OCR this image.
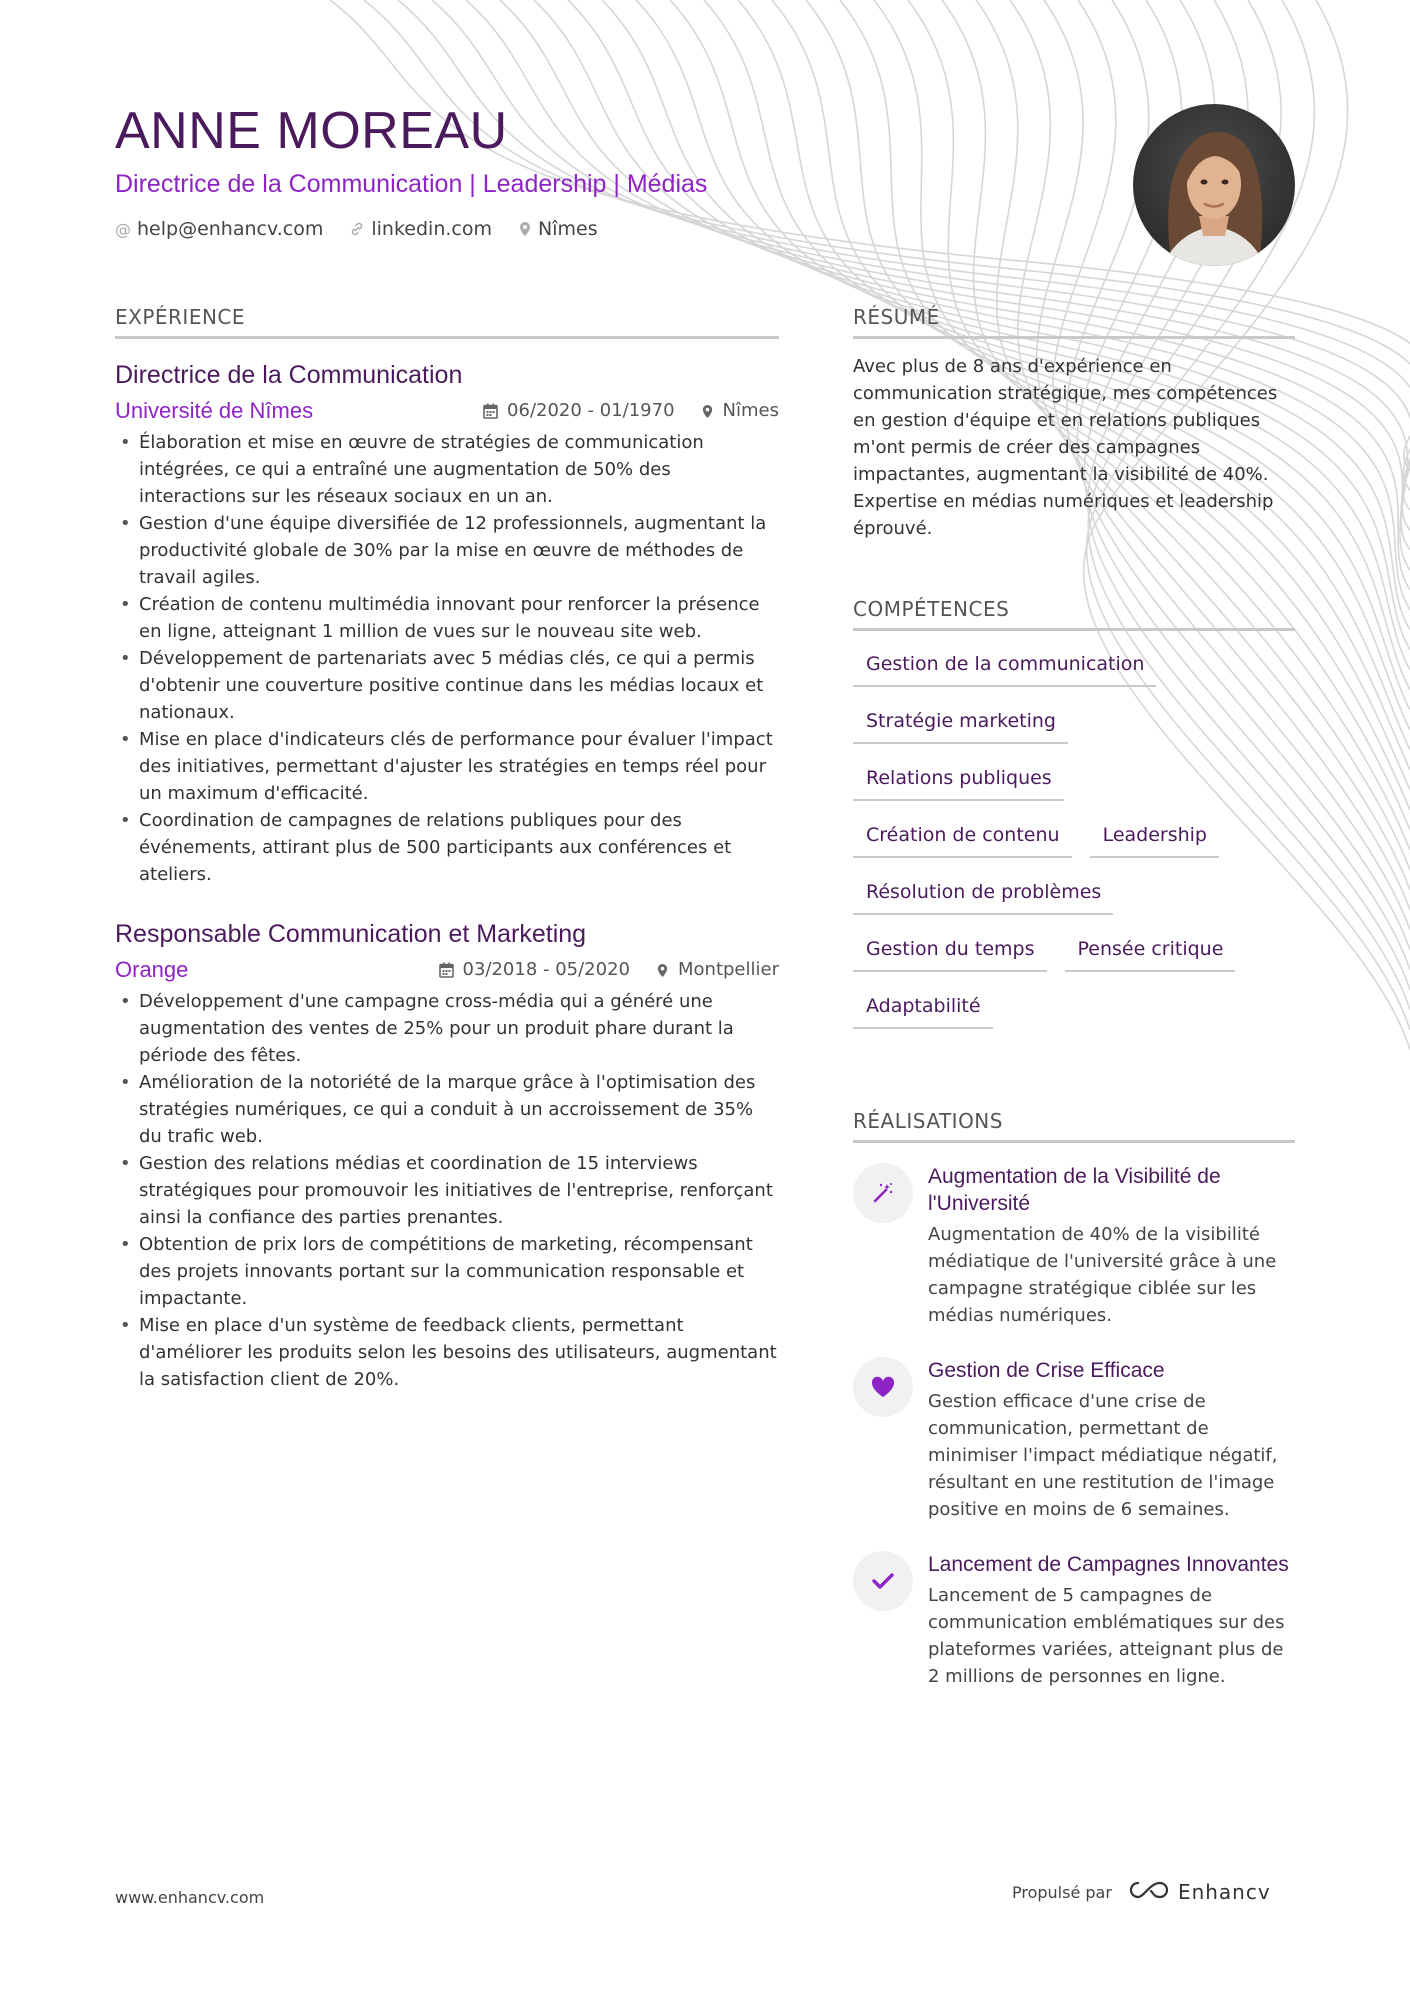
ANNE MOREAU
Directrice de la Communication | Leadership | Médias
@ help@enhancv.com	linkedin.com Nîmes
EXPÉRIENCE
Directrice de la Communication
Université de Nîmes	06/2020 - 01/1970	Nîmes
• Élaboration et mise en œuvre de stratégies de communication intégrées, ce qui a entraîné une augmentation de 50% des interactions sur les réseaux sociaux en un an.
• Gestion d'une équipe diversifiée de 12 professionnels, augmentant la productivité globale de 30% par la mise en œuvre de méthodes de travail agiles.
• Création de contenu multimédia innovant pour renforcer la présence en ligne, atteignant 1 million de vues sur le nouveau site web.
• Développement de partenariats avec 5 médias clés, ce qui a permis d'obtenir une couverture positive continue dans les médias locaux et nationaux.
• Mise en place d'indicateurs clés de performance pour évaluer l'impact des initiatives, permettant d'ajuster les stratégies en temps réel pour un maximum d'efficacité.
• Coordination de campagnes de relations publiques pour des événements, attirant plus de 500 participants aux conférences et ateliers.
Responsable Communication et Marketing
Orange	03/2018 - 05/2020	Montpellier
• Développement d'une campagne cross-média qui a généré une augmentation des ventes de 25% pour un produit phare durant la période des fêtes.
• Amélioration de la notoriété de la marque grâce à l'optimisation des stratégies numériques, ce qui a conduit à un accroissement de 35% du trafic web.
• Gestion des relations médias et coordination de 15 interviews stratégiques pour promouvoir les initiatives de l'entreprise, renforçant ainsi la confiance des parties prenantes.
• Obtention de prix lors de compétitions de marketing, récompensant des projets innovants portant sur la communication responsable et impactante.
• Mise en place d'un système de feedback clients, permettant d'améliorer les produits selon les besoins des utilisateurs, augmentant la satisfaction client de 20%.
RÉSUMÉ
Avec plus de 8 ans d'expérience en communication stratégique, mes compétences en gestion d'équipe et en relations publiques m'ont permis de créer des campagnes impactantes, augmentant la visibilité de 40%. Expertise en médias numériques et leadership éprouvé.
COMPÉTENCES
Gestion de la communication
Stratégie marketing
Relations publiques
Création de contenu	Leadership
Résolution de problèmes
Gestion du temps	Pensée critique
Adaptabilité
RÉALISATIONS
Augmentation de la Visibilité de l'Université
Augmentation de 40% de la visibilité médiatique de l'université grâce à une campagne stratégique ciblée sur les médias numériques.
Gestion de Crise Efficace
Gestion efficace d'une crise de communication, permettant de minimiser l'impact médiatique négatif, résultant en une restitution de l'image positive en moins de 6 semaines.
Lancement de Campagnes Innovantes
Lancement de 5 campagnes de communication emblématiques sur des plateformes variées, atteignant plus de 2 millions de personnes en ligne.
www.enhancv.com	Propulsé par	Enhancv
